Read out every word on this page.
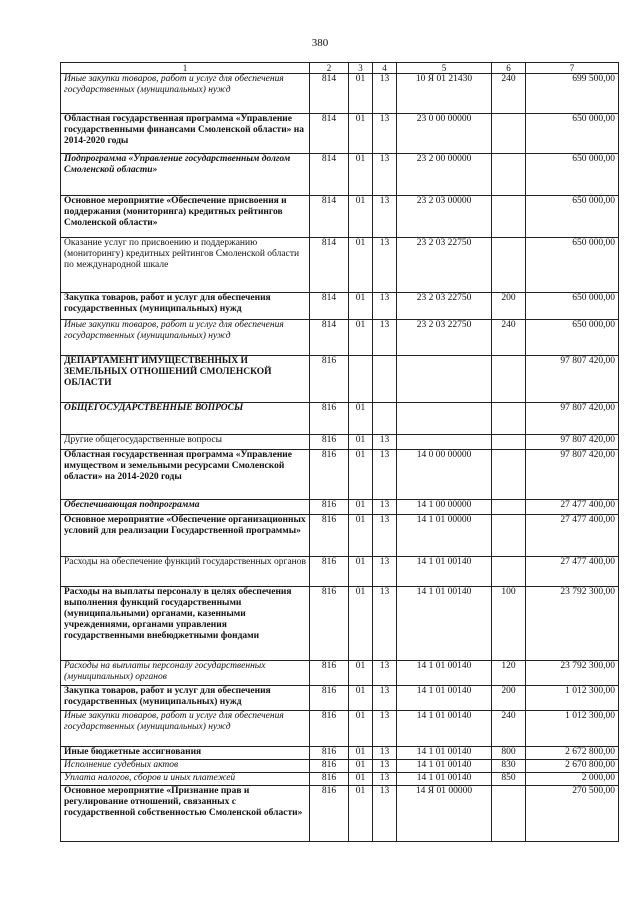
380
1	2	3	4	5	6	7
Иные закупки товаров, работ и услуг для обеспечения государственных (муниципальных) нужд	814	01	13	10 Я 01 21430	240	699 500,00
Областная государственная программа «Управление государственными финансами Смоленской области» на 2014-2020 годы	814	01	13	23 0 00 00000		650 000,00
Подпрограмма «Управление государственным долгом Смоленской области»	814	01	13	23 2 00 00000		650 000,00
Основное мероприятие «Обеспечение присвоения и поддержания (мониторинга) кредитных рейтингов Смоленской области»	814	01	13	23 2 03 00000		650 000,00
Оказание услуг по присвоению и поддержанию (мониторингу) кредитных рейтингов Смоленской области по международной шкале	814	01	13	23 2 03 22750		650 000,00
Закупка товаров, работ и услуг для обеспечения государственных (муниципальных) нужд	814	01	13	23 2 03 22750	200	650 000,00
Иные закупки товаров, работ и услуг для обеспечения государственных (муниципальных) нужд	814	01	13	23 2 03 22750	240	650 000,00
ДЕПАРТАМЕНТ ИМУЩЕСТВЕННЫХ И ЗЕМЕЛЬНЫХ ОТНОШЕНИЙ СМОЛЕНСКОЙ ОБЛАСТИ	816					97 807 420,00
ОБЩЕГОСУДАРСТВЕННЫЕ ВОПРОСЫ	816	01				97 807 420,00
Другие общегосударственные вопросы	816	01	13			97 807 420,00
Областная государственная программа «Управление имуществом и земельными ресурсами Смоленской области» на 2014-2020 годы	816	01	13	14 0 00 00000		97 807 420,00
Обеспечивающая подпрограмма	816	01	13	14 1 00 00000		27 477 400,00
Основное мероприятие «Обеспечение организационных условий для реализации Государственной программы»	816	01	13	14 1 01 00000		27 477 400,00
Расходы на обеспечение функций государственных органов	816	01	13	14 1 01 00140		27 477 400,00
Расходы на выплаты персоналу в целях обеспечения выполнения функций государственными (муниципальными) органами, казенными учреждениями, органами управления государственными внебюджетными фондами	816	01	13	14 1 01 00140	100	23 792 300,00
Расходы на выплаты персоналу государственных (муниципальных) органов	816	01	13	14 1 01 00140	120	23 792 300,00
Закупка товаров, работ и услуг для обеспечения государственных (муниципальных) нужд	816	01	13	14 1 01 00140	200	1 012 300,00
Иные закупки товаров, работ и услуг для обеспечения государственных (муниципальных) нужд	816	01	13	14 1 01 00140	240	1 012 300,00
Иные бюджетные ассигнования	816	01	13	14 1 01 00140	800	2 672 800,00
Исполнение судебных актов	816	01	13	14 1 01 00140	830	2 670 800,00
Уплата налогов, сборов и иных платежей	816	01	13	14 1 01 00140	850	2 000,00
Основное мероприятие «Признание прав и регулирование отношений, связанных с государственной собственностью Смоленской области»	816	01	13	14 Я 01 00000		270 500,00
